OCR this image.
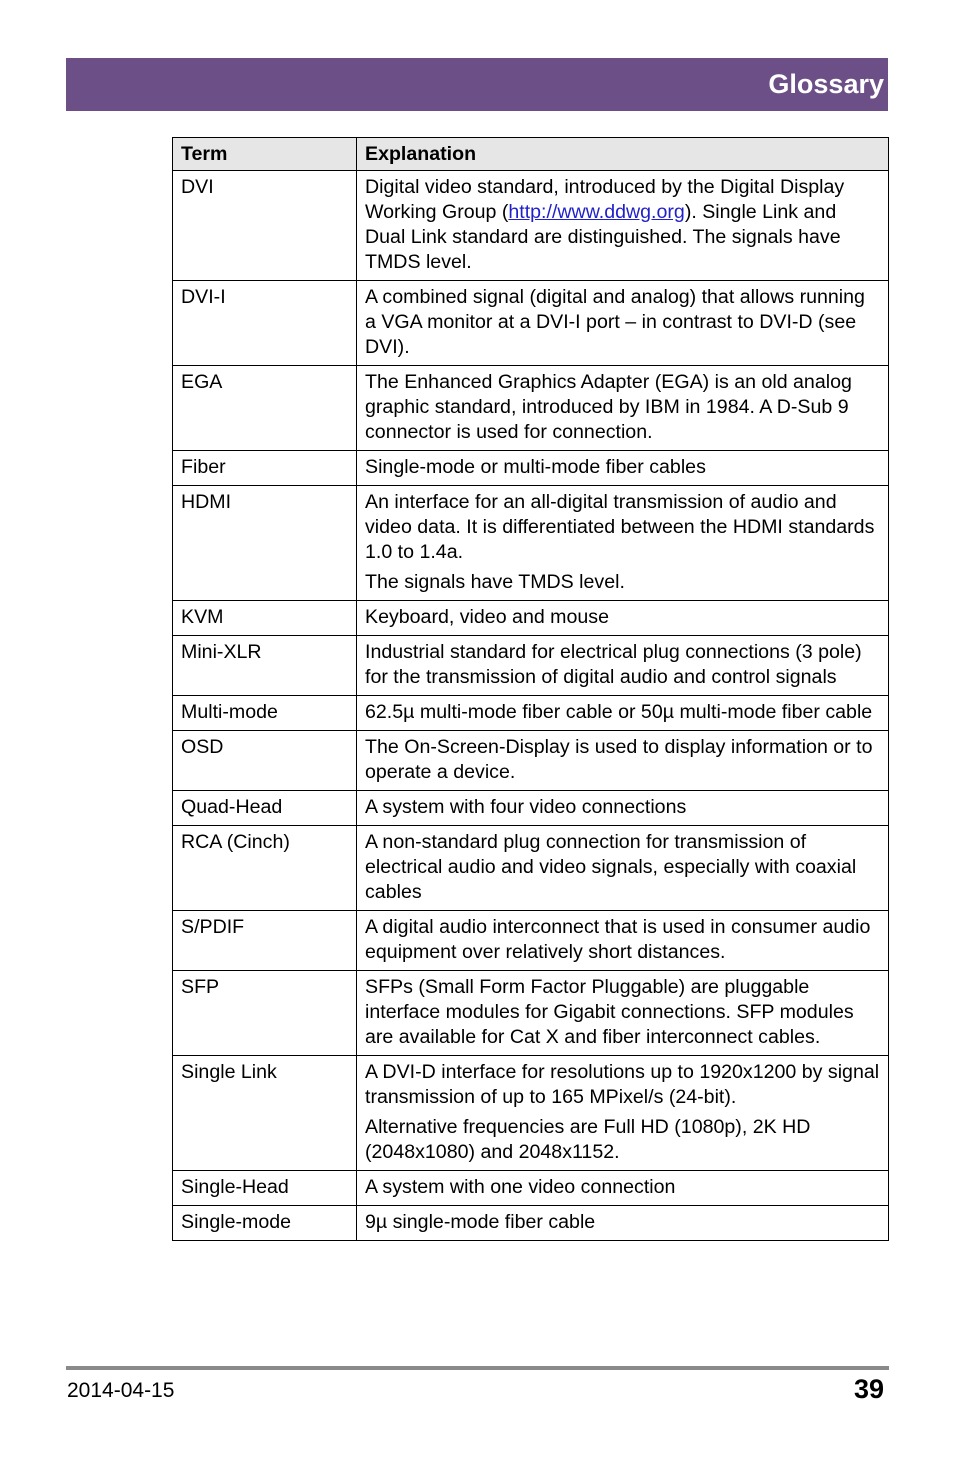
Glossary
Term	Explanation
DVI	Digital video standard, introduced by the Digital Display Working Group (http://www.ddwg.org). Single Link and Dual Link standard are distinguished. The signals have TMDS level.
DVI-I	A combined signal (digital and analog) that allows running a VGA monitor at a DVI-I port – in contrast to DVI-D (see DVI).

EGA	The Enhanced Graphics Adapter (EGA) is an old analog graphic standard, introduced by IBM in 1984. A D-Sub 9 connector is used for connection.

Fiber	Single-mode or multi-mode fiber cables

HDMI	An interface for an all-digital transmission of audio and video data. It is differentiated between the HDMI standards 1.0 to 1.4a.

The signals have TMDS level.

KVM	Keyboard, video and mouse

Mini-XLR	Industrial standard for electrical plug connections (3 pole) for the transmission of digital audio and control signals

Multi-mode	62.5µ multi-mode fiber cable or 50µ multi-mode fiber cable

OSD	The On-Screen-Display is used to display information or to operate a device.

Quad-Head	A system with four video connections

RCA (Cinch)	A non-standard plug connection for transmission of electrical audio and video signals, especially with coaxial cables

S/PDIF	A digital audio interconnect that is used in consumer audio equipment over relatively short distances.

SFP	SFPs (Small Form Factor Pluggable) are pluggable interface modules for Gigabit connections. SFP modules are available for Cat X and fiber interconnect cables.

Single Link	A DVI-D interface for resolutions up to 1920x1200 by signal transmission of up to 165 MPixel/s (24-bit).

Alternative frequencies are Full HD (1080p), 2K HD (2048x1080) and 2048x1152.

Single-Head	A system with one video connection

Single-mode	9µ single-mode fiber cable

2014-04-15	39
